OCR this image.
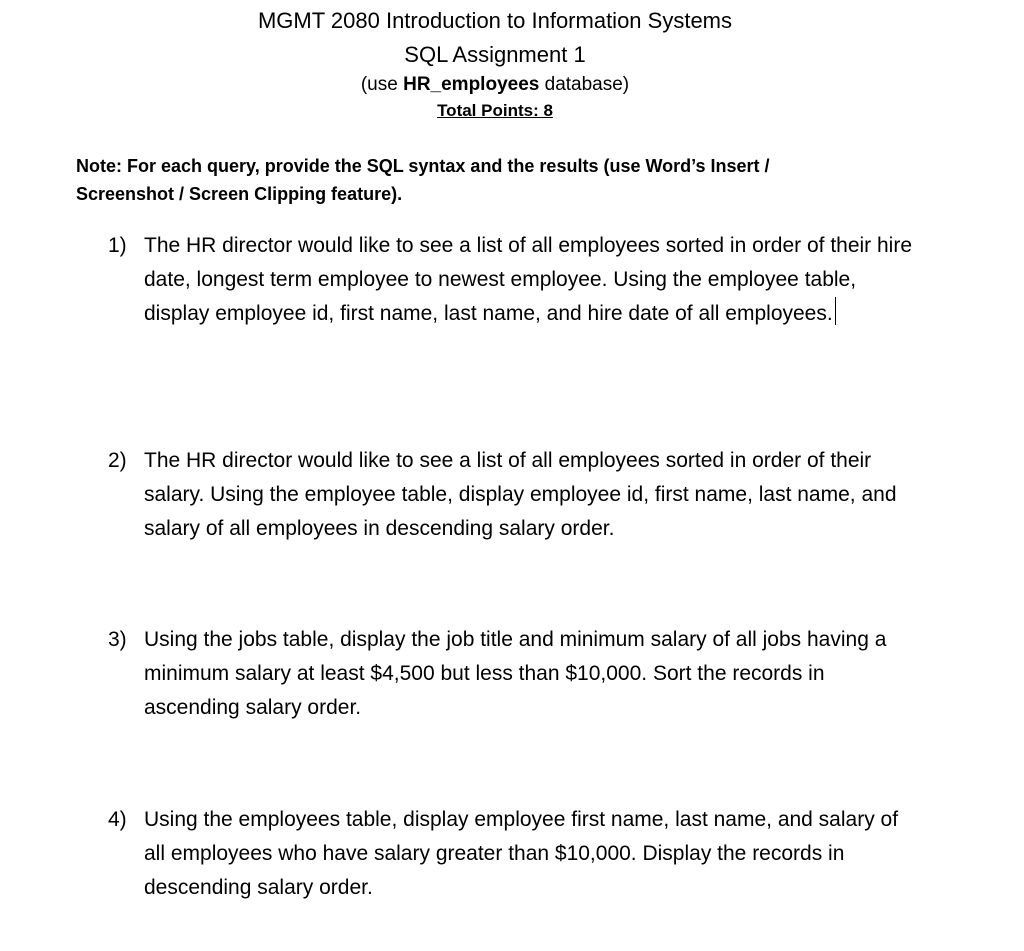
MGMT 2080 Introduction to Information Systems
SQL Assignment 1
(use HR_employees database)
Total Points: 8
Note: For each query, provide the SQL syntax and the results (use Word’s Insert / Screenshot / Screen Clipping feature).
1) The HR director would like to see a list of all employees sorted in order of their hire date, longest term employee to newest employee. Using the employee table, display employee id, first name, last name, and hire date of all employees.
2) The HR director would like to see a list of all employees sorted in order of their salary. Using the employee table, display employee id, first name, last name, and salary of all employees in descending salary order.
3) Using the jobs table, display the job title and minimum salary of all jobs having a minimum salary at least $4,500 but less than $10,000. Sort the records in ascending salary order.
4) Using the employees table, display employee first name, last name, and salary of all employees who have salary greater than $10,000. Display the records in descending salary order.
